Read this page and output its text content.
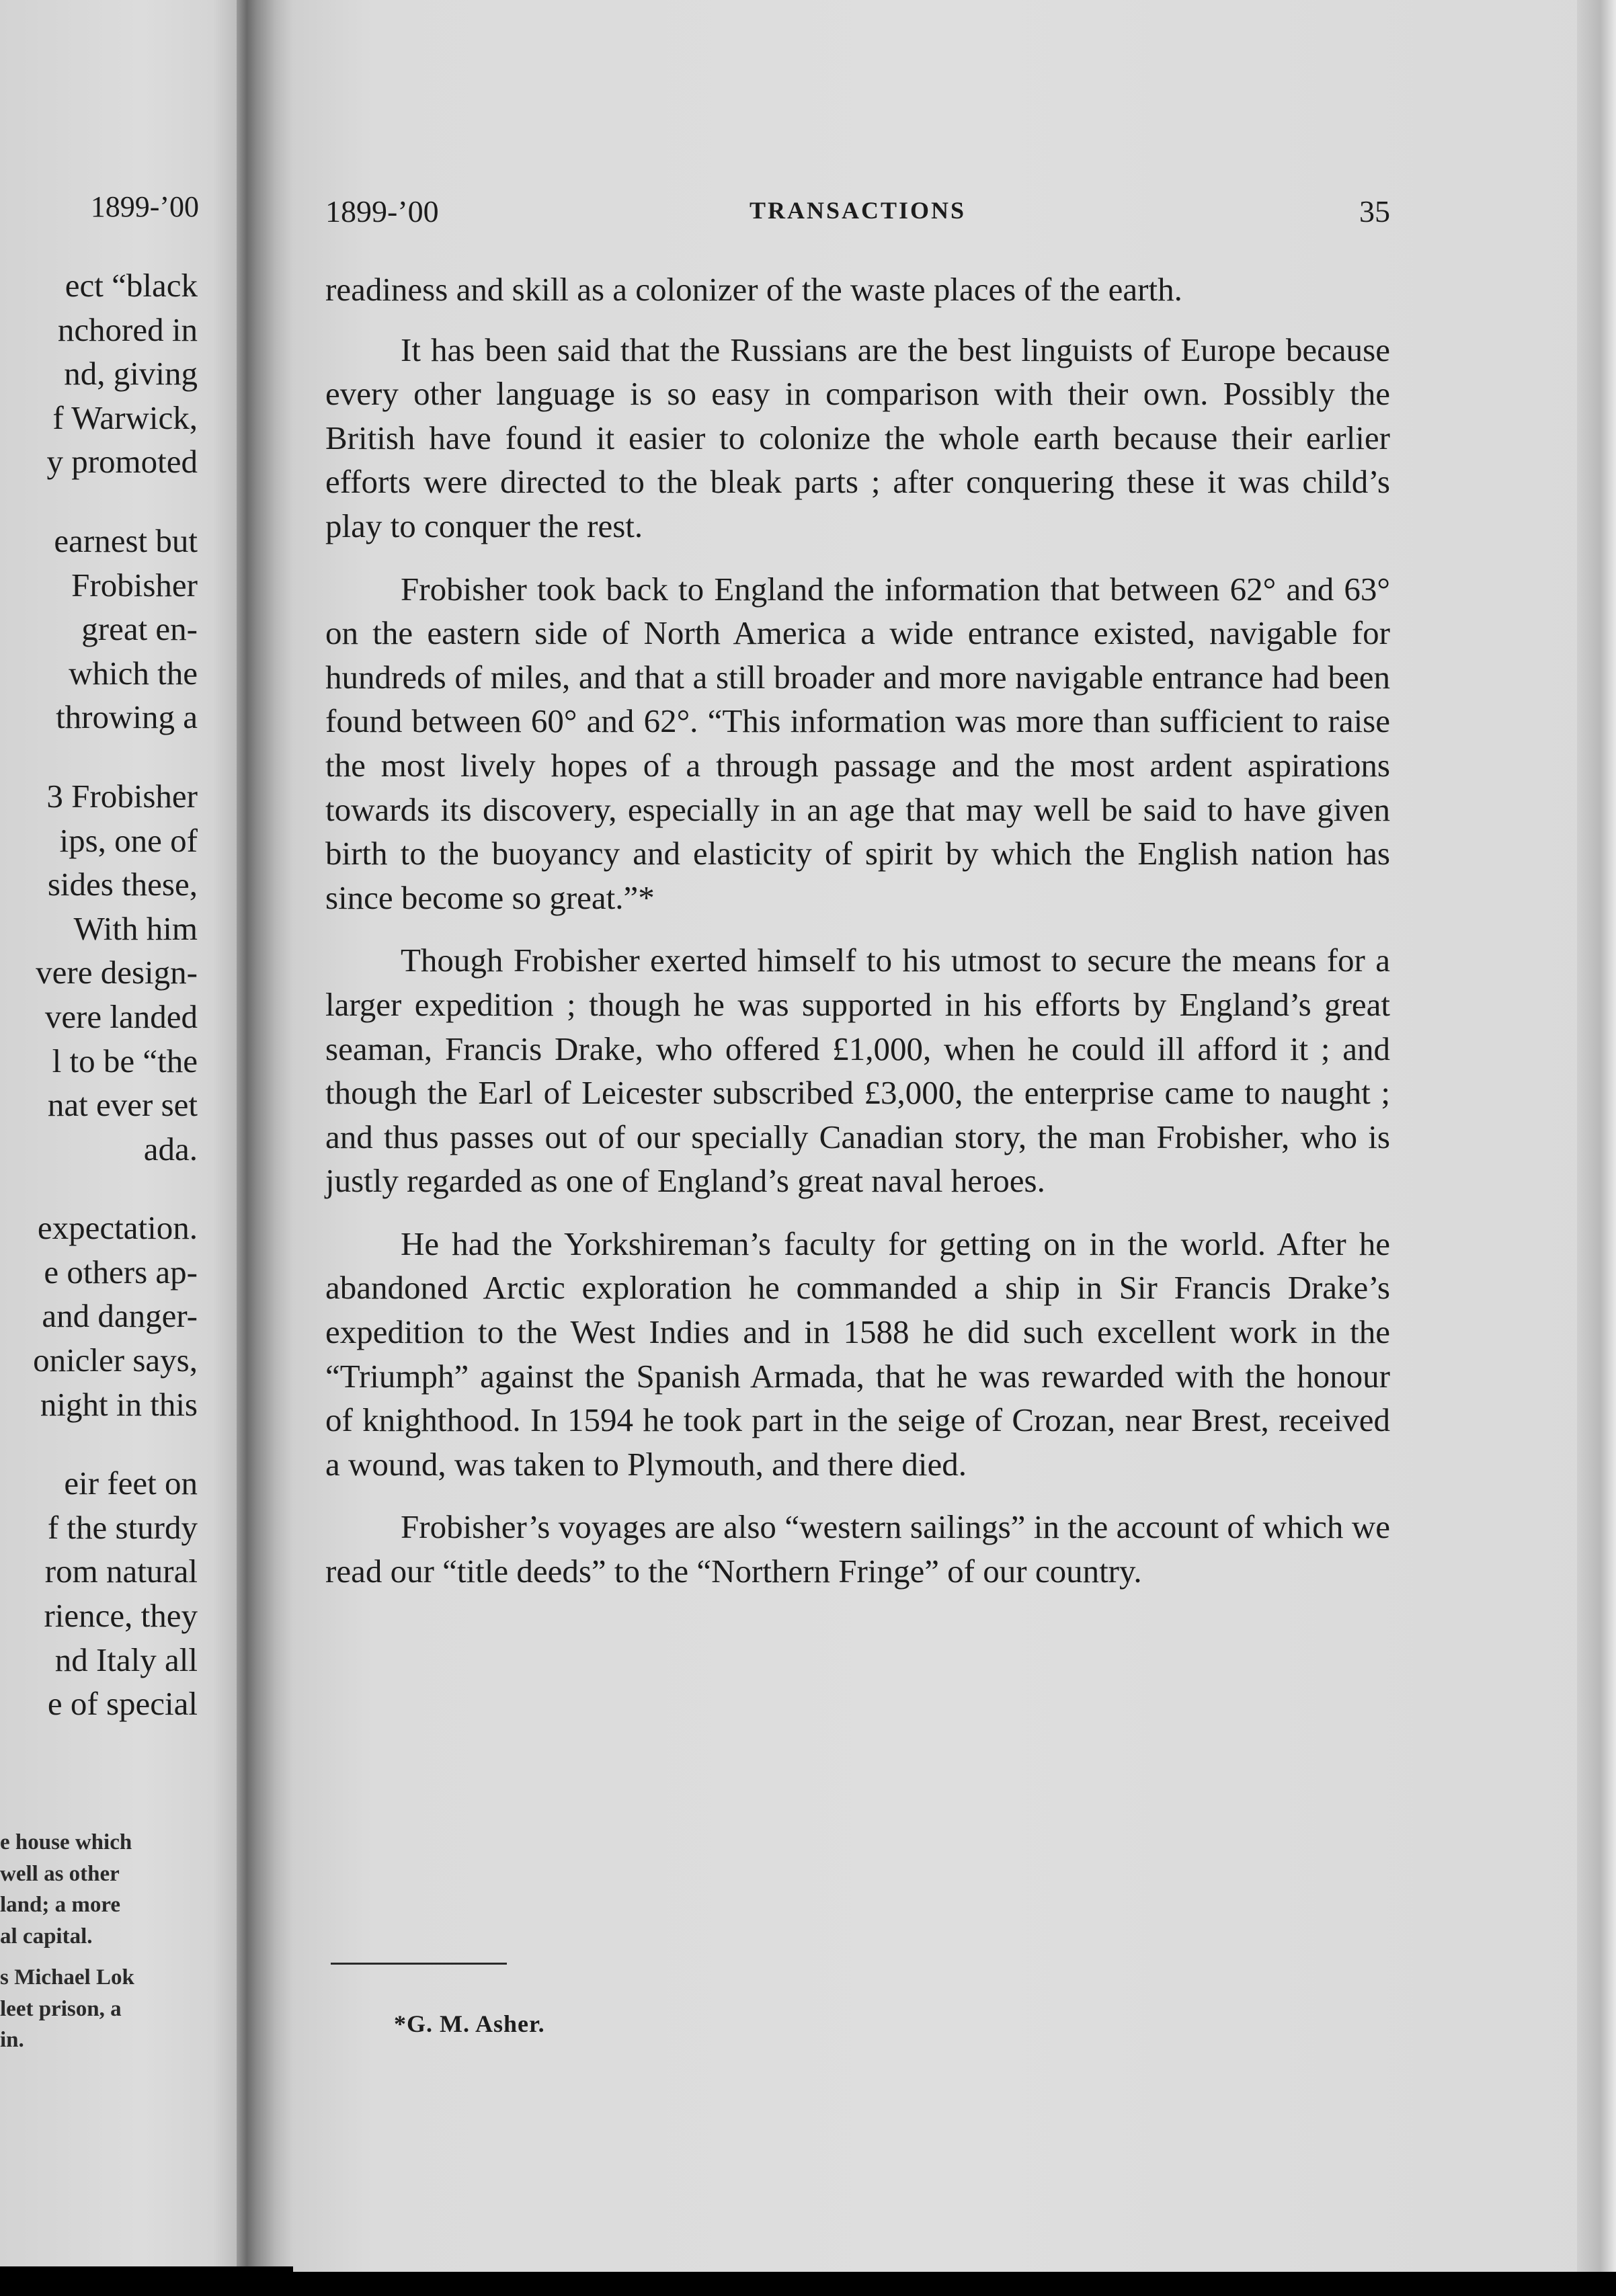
1899-’00
ect “black
nchored in
nd, giving
f Warwick,
y promoted
earnest but
Frobisher
great en-
which the
throwing a
3 Frobisher
ips, one of
sides these,
With him
vere design-
vere landed
l to be “the
nat ever set
ada.
expectation.
e others ap-
and danger-
onicler says,
night in this
eir feet on
f the sturdy
rom natural
rience, they
nd Italy all
e of special
e house which
well as other
land; a more
al capital.
s Michael Lok
leet prison, a
in.
1899-’00	TRANSACTIONS	35

readiness and skill as a colonizer of the waste places of the earth.

It has been said that the Russians are the best linguists of Europe because every other language is so easy in comparison with their own. Possibly the British have found it easier to colonize the whole earth because their earlier efforts were directed to the bleak parts ; after conquering these it was child’s play to conquer the rest.

Frobisher took back to England the information that between 62° and 63° on the eastern side of North America a wide entrance existed, navigable for hundreds of miles, and that a still broader and more navigable entrance had been found between 60° and 62°. “This information was more than sufficient to raise the most lively hopes of a through passage and the most ardent aspirations towards its discovery, especially in an age that may well be said to have given birth to the buoyancy and elasticity of spirit by which the English nation has since become so great.”*

Though Frobisher exerted himself to his utmost to secure the means for a larger expedition ; though he was supported in his efforts by England’s great seaman, Francis Drake, who offered £1,000, when he could ill afford it ; and though the Earl of Leicester subscribed £3,000, the enterprise came to naught ; and thus passes out of our specially Canadian story, the man Frobisher, who is justly regarded as one of England’s great naval heroes.

He had the Yorkshireman’s faculty for getting on in the world. After he abandoned Arctic exploration he commanded a ship in Sir Francis Drake’s expedition to the West Indies and in 1588 he did such excellent work in the “Triumph” against the Spanish Armada, that he was rewarded with the honour of knighthood. In 1594 he took part in the seige of Crozan, near Brest, received a wound, was taken to Plymouth, and there died.

Frobisher’s voyages are also “western sailings” in the account of which we read our “title deeds” to the “Northern Fringe” of our country.

*G. M. Asher.
